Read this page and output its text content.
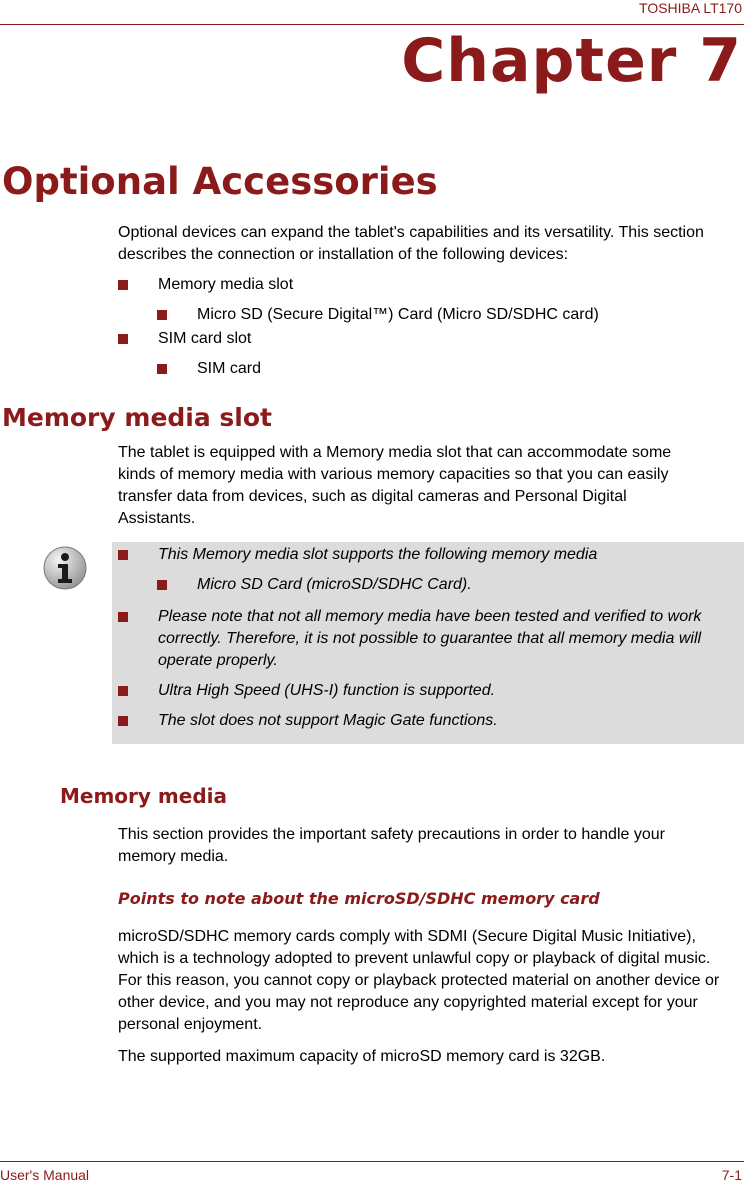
TOSHIBA LT170
Chapter 7
Optional Accessories
Optional devices can expand the tablet's capabilities and its versatility. This section describes the connection or installation of the following devices:
Memory media slot
Micro SD (Secure Digital™) Card (Micro SD/SDHC card)
SIM card slot
SIM card
Memory media slot
The tablet is equipped with a Memory media slot that can accommodate some kinds of memory media with various memory capacities so that you can easily transfer data from devices, such as digital cameras and Personal Digital Assistants.
This Memory media slot supports the following memory media
Micro SD Card (microSD/SDHC Card).
Please note that not all memory media have been tested and verified to work correctly. Therefore, it is not possible to guarantee that all memory media will operate properly.
Ultra High Speed (UHS-I) function is supported.
The slot does not support Magic Gate functions.
Memory media
This section provides the important safety precautions in order to handle your memory media.
Points to note about the microSD/SDHC memory card
microSD/SDHC memory cards comply with SDMI (Secure Digital Music Initiative), which is a technology adopted to prevent unlawful copy or playback of digital music. For this reason, you cannot copy or playback protected material on another device or other device, and you may not reproduce any copyrighted material except for your personal enjoyment.
The supported maximum capacity of microSD memory card is 32GB.
User's Manual	7-1
